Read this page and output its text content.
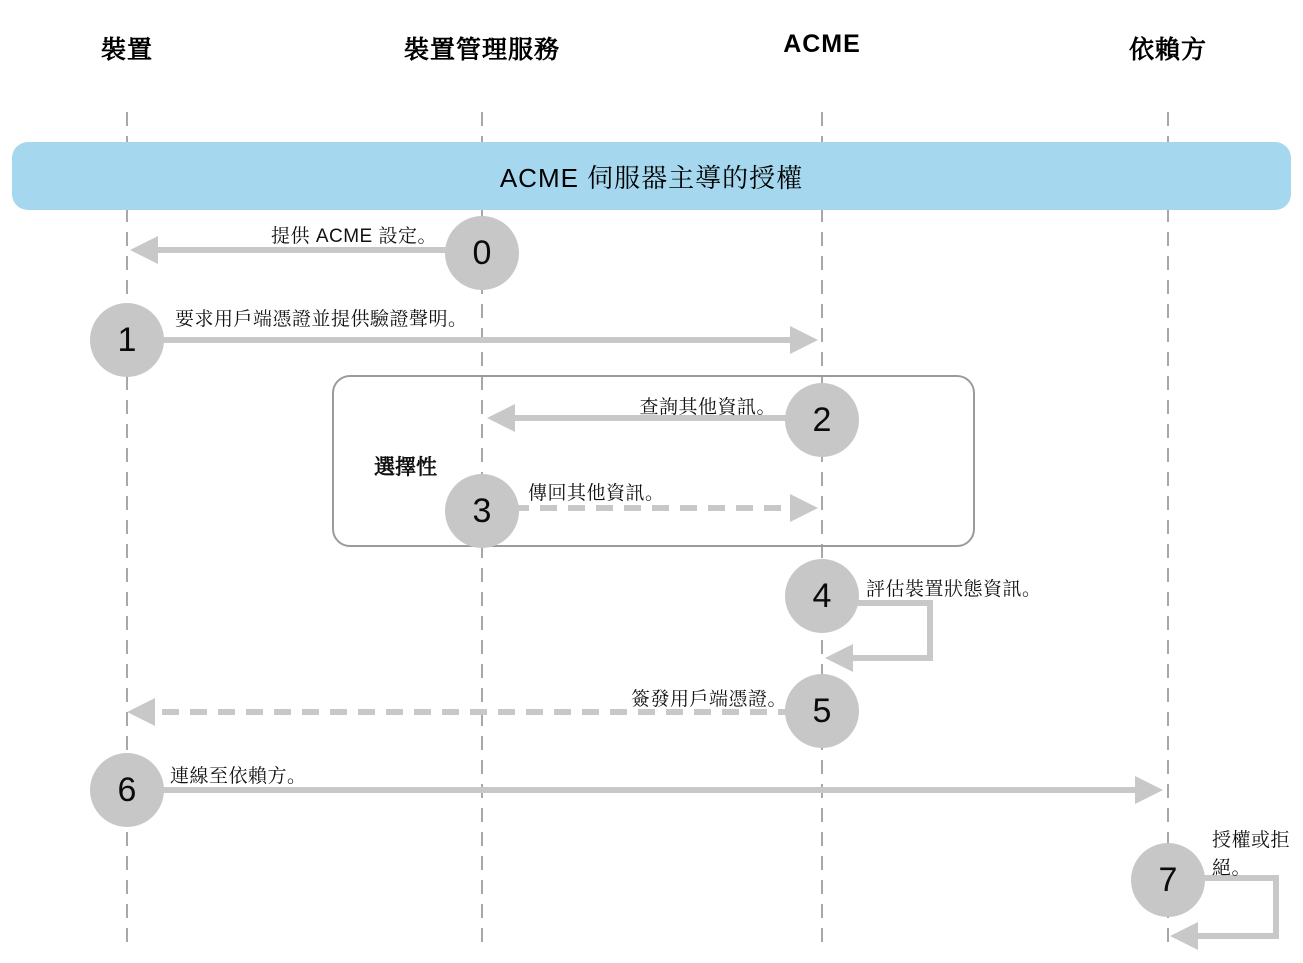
裝置	裝置管理服務	ACME	依賴方
ACME 伺服器主導的授權
選擇性
0
1
2
3
4
5
6
7
提供 ACME 設定。
要求用戶端憑證並提供驗證聲明。
查詢其他資訊。
傳回其他資訊。
評估裝置狀態資訊。
簽發用戶端憑證。
連線至依賴方。
授權或拒絕。
